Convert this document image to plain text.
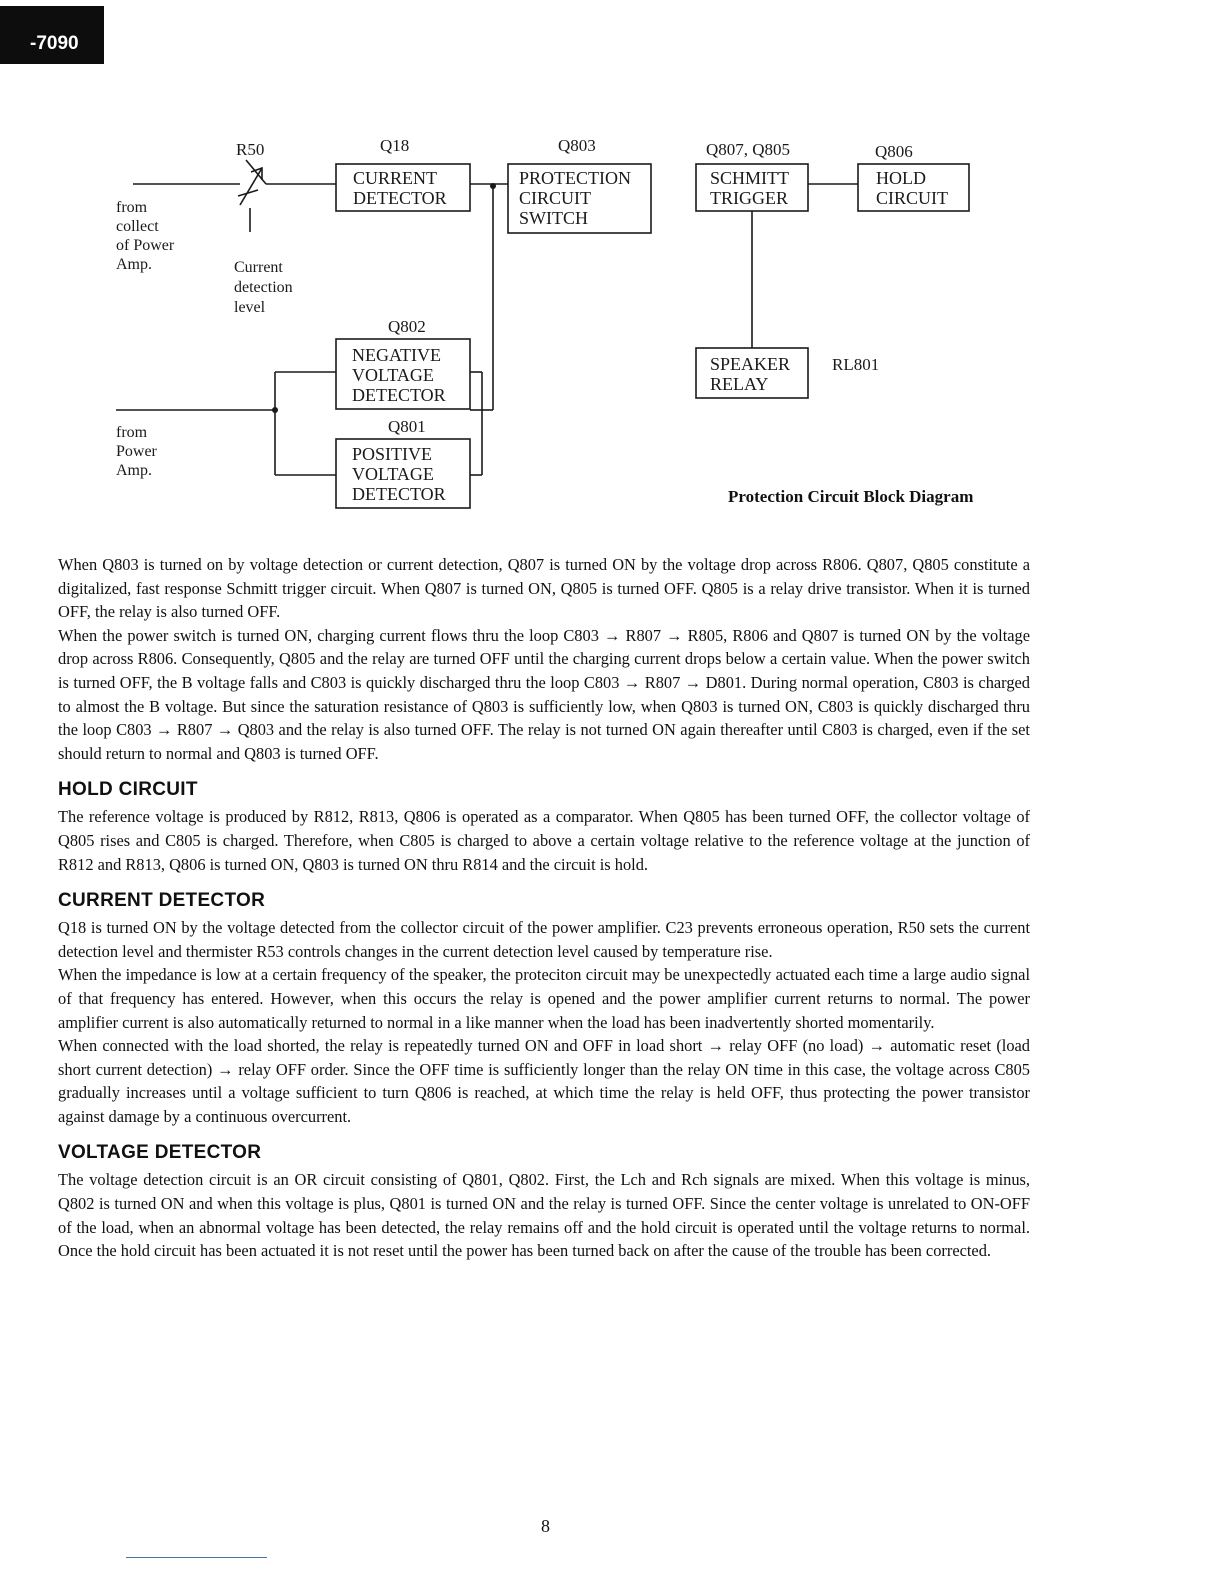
-7090
R50	Q18	Q803	Q807, Q805	Q806
Q802
Q801
RL801
CURRENT
DETECTOR
PROTECTION
CIRCUIT
SWITCH
SCHMITT
TRIGGER
HOLD
CIRCUIT
NEGATIVE
VOLTAGE
DETECTOR
POSITIVE
VOLTAGE
DETECTOR
SPEAKER
RELAY
from
collect
of Power
Amp.	Current
detection
level
from
Power
Amp.
Protection Circuit Block Diagram

When Q803 is turned on by voltage detection or current detection, Q807 is turned ON by the voltage drop across R806. Q807, Q805 constitute a digitalized, fast response Schmitt trigger circuit. When Q807 is turned ON, Q805 is turned OFF. Q805 is a relay drive transistor. When it is turned OFF, the relay is also turned OFF.

When the power switch is turned ON, charging current flows thru the loop C803 → R807 → R805, R806 and Q807 is turned ON by the voltage drop across R806. Consequently, Q805 and the relay are turned OFF until the charging current drops below a certain value. When the power switch is turned OFF, the B voltage falls and C803 is quickly discharged thru the loop C803 → R807 → D801. During normal operation, C803 is charged to almost the B voltage. But since the saturation resistance of Q803 is sufficiently low, when Q803 is turned ON, C803 is quickly discharged thru the loop C803 → R807 → Q803 and the relay is also turned OFF. The relay is not turned ON again thereafter until C803 is charged, even if the set should return to normal and Q803 is turned OFF.

HOLD CIRCUIT

The reference voltage is produced by R812, R813, Q806 is operated as a comparator. When Q805 has been turned OFF, the collector voltage of Q805 rises and C805 is charged. Therefore, when C805 is charged to above a certain voltage relative to the reference voltage at the junction of R812 and R813, Q806 is turned ON, Q803 is turned ON thru R814 and the circuit is hold.

CURRENT DETECTOR

Q18 is turned ON by the voltage detected from the collector circuit of the power amplifier. C23 prevents erroneous operation, R50 sets the current detection level and thermister R53 controls changes in the current detection level caused by temperature rise.

When the impedance is low at a certain frequency of the speaker, the proteciton circuit may be unexpectedly actuated each time a large audio signal of that frequency has entered. However, when this occurs the relay is opened and the power amplifier current returns to normal. The power amplifier current is also automatically returned to normal in a like manner when the load has been inadvertently shorted momentarily.

When connected with the load shorted, the relay is repeatedly turned ON and OFF in load short → relay OFF (no load) → automatic reset (load short current detection) → relay OFF order. Since the OFF time is sufficiently longer than the relay ON time in this case, the voltage across C805 gradually increases until a voltage sufficient to turn Q806 is reached, at which time the relay is held OFF, thus protecting the power transistor against damage by a continuous overcurrent.

VOLTAGE DETECTOR

The voltage detection circuit is an OR circuit consisting of Q801, Q802. First, the Lch and Rch signals are mixed. When this voltage is minus, Q802 is turned ON and when this voltage is plus, Q801 is turned ON and the relay is turned OFF. Since the center voltage is unrelated to ON-OFF of the load, when an abnormal voltage has been detected, the relay remains off and the hold circuit is operated until the voltage returns to normal. Once the hold circuit has been actuated it is not reset until the power has been turned back on after the cause of the trouble has been corrected.

8
